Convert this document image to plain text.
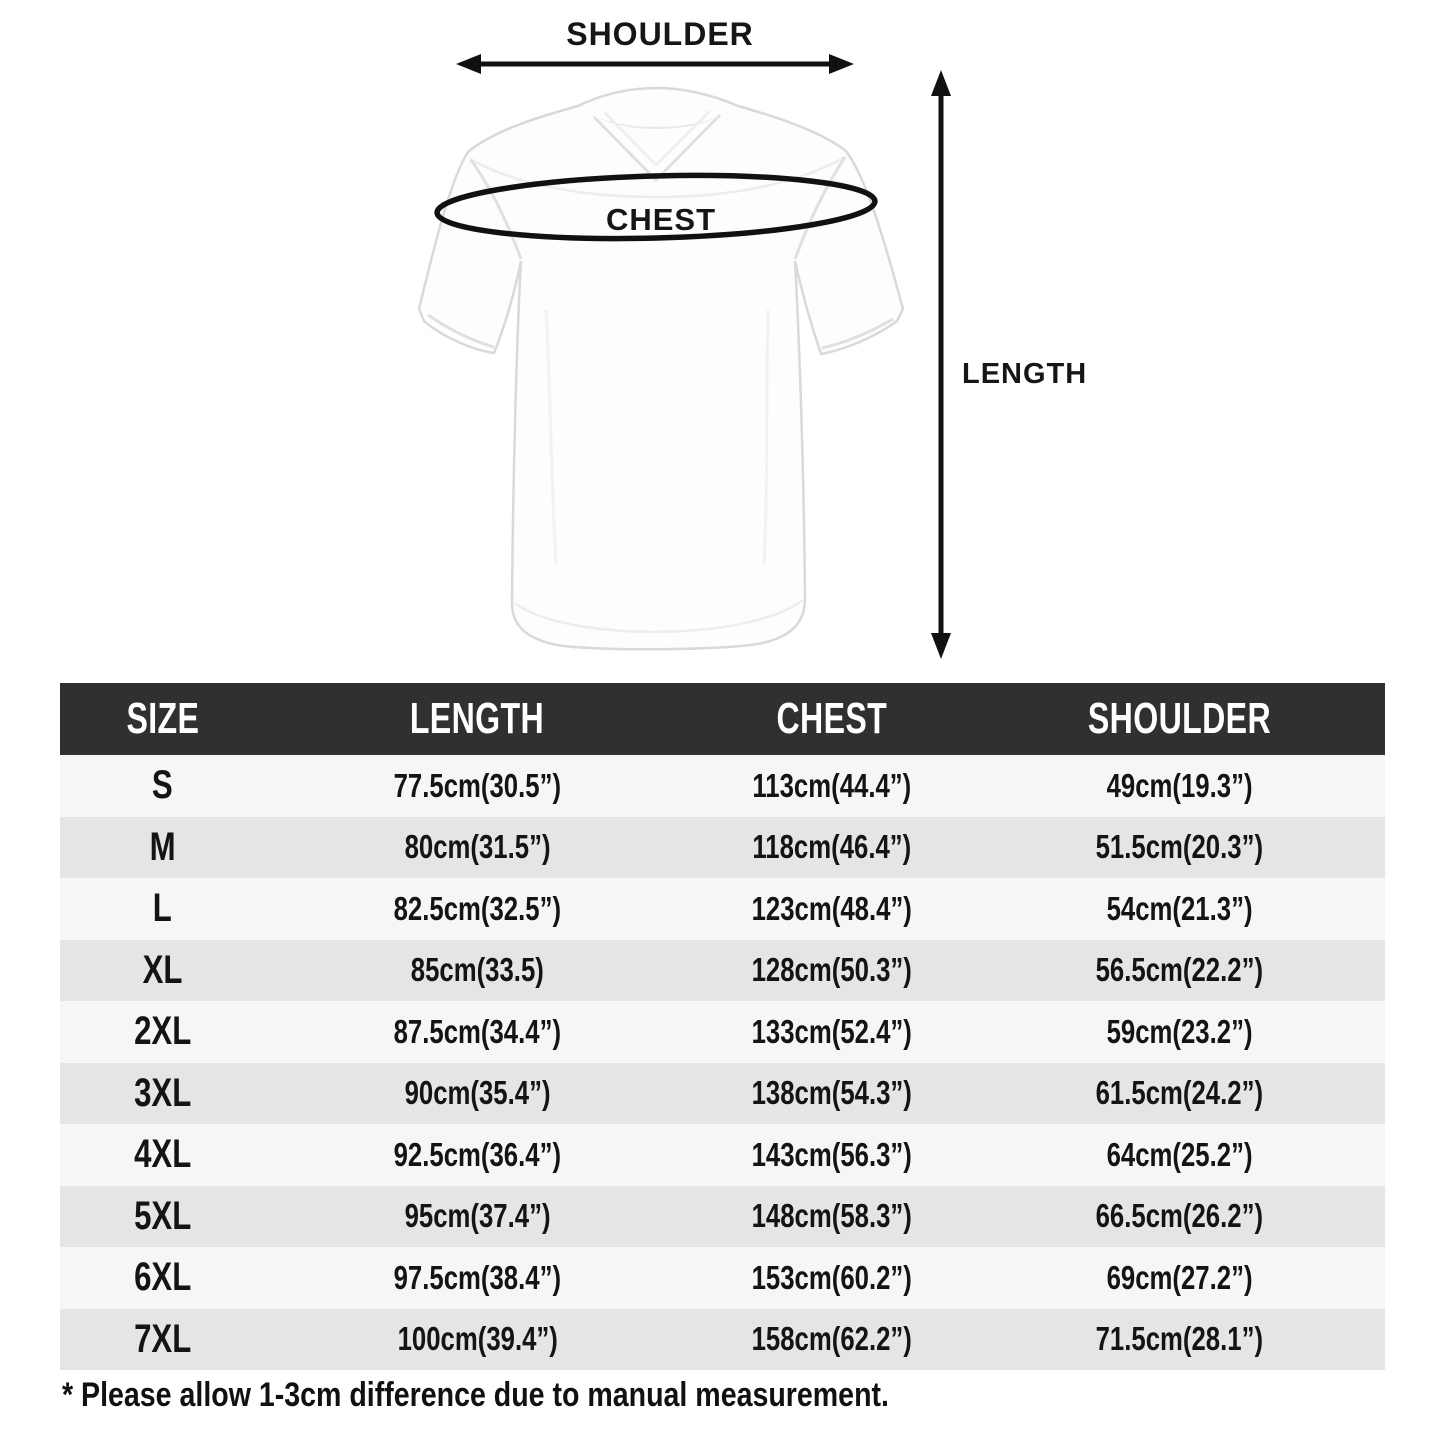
SHOULDER
CHEST
LENGTH
SIZE	LENGTH	CHEST	SHOULDER
S	77.5cm(30.5”)	113cm(44.4”)	49cm(19.3”)
M	80cm(31.5”)	118cm(46.4”)	51.5cm(20.3”)
L	82.5cm(32.5”)	123cm(48.4”)	54cm(21.3”)
XL	85cm(33.5)	128cm(50.3”)	56.5cm(22.2”)
2XL	87.5cm(34.4”)	133cm(52.4”)	59cm(23.2”)
3XL	90cm(35.4”)	138cm(54.3”)	61.5cm(24.2”)
4XL	92.5cm(36.4”)	143cm(56.3”)	64cm(25.2”)
5XL	95cm(37.4”)	148cm(58.3”)	66.5cm(26.2”)
6XL	97.5cm(38.4”)	153cm(60.2”)	69cm(27.2”)
7XL	100cm(39.4”)	158cm(62.2”)	71.5cm(28.1”)
* Please allow 1-3cm difference due to manual measurement.
